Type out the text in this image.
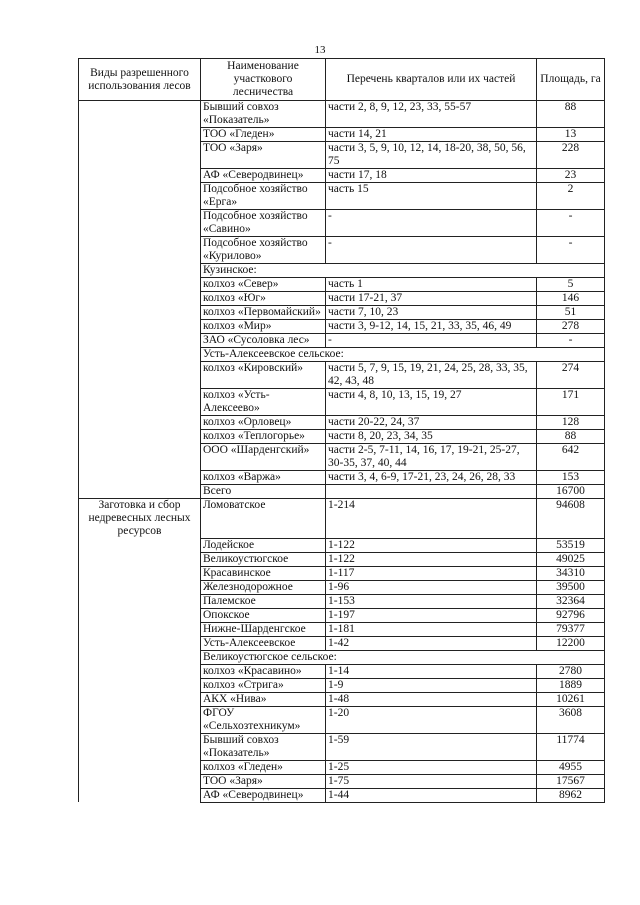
13
Виды разрешенного использования лесов	Наименование участкового лесничества	Перечень кварталов или их частей	Площадь, га
	Бывший совхоз «Показатель»	части 2, 8, 9, 12, 23, 33, 55-57	88
	ТОО «Гледен»	части 14, 21	13
	ТОО «Заря»	части 3, 5, 9, 10, 12, 14, 18-20, 38, 50, 56, 75	228
	АФ «Северодвинец»	части 17, 18	23
	Подсобное хозяйство «Ерга»	часть 15	2
	Подсобное хозяйство «Савино»	-	-
	Подсобное хозяйство «Курилово»	-	-
	Кузинское:		
	колхоз «Север»	часть 1	5
	колхоз «Юг»	части 17-21, 37	146
	колхоз «Первомайский»	части 7, 10, 23	51
	колхоз «Мир»	части 3, 9-12, 14, 15, 21, 33, 35, 46, 49	278
	ЗАО «Сусоловка лес»	-	-
	Усть-Алексеевское сельское:		
	колхоз «Кировский»	части 5, 7, 9, 15, 19, 21, 24, 25, 28, 33, 35, 42, 43, 48	274
	колхоз «Усть-Алексеево»	части 4, 8, 10, 13, 15, 19, 27	171
	колхоз «Орловец»	части 20-22, 24, 37	128
	колхоз «Теплогорье»	части 8, 20, 23, 34, 35	88
	ООО «Шарденгский»	части 2-5, 7-11, 14, 16, 17, 19-21, 25-27, 30-35, 37, 40, 44	642
	колхоз «Варжа»	части 3, 4, 6-9, 17-21, 23, 24, 26, 28, 33	153
	Всего		16700
Заготовка и сбор недревесных лесных ресурсов	Ломоватское	1-214	94608
	Лодейское	1-122	53519
	Великоустюгское	1-122	49025
	Красавинское	1-117	34310
	Железнодорожное	1-96	39500
	Палемское	1-153	32364
	Опокское	1-197	92796
	Нижне-Шарденгское	1-181	79377
	Усть-Алексеевское	1-42	12200
	Великоустюгское сельское:		
	колхоз «Красавино»	1-14	2780
	колхоз «Стрига»	1-9	1889
	АКХ «Нива»	1-48	10261
	ФГОУ «Сельхозтехникум»	1-20	3608
	Бывший совхоз «Показатель»	1-59	11774
	колхоз «Гледен»	1-25	4955
	ТОО «Заря»	1-75	17567
	АФ «Северодвинец»	1-44	8962
